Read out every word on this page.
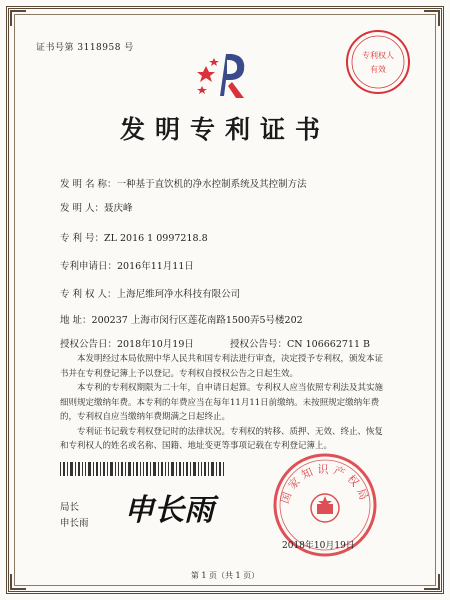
证书号第 3118958 号
专利权人
有效
发明专利证书
发 明 名 称：一种基于直饮机的净水控制系统及其控制方法
发 明 人：聂庆峰
专 利 号：ZL 2016 1 0997218.8
专利申请日：2016年11月11日
专 利 权 人：上海尼维珂净水科技有限公司
地 址：200237 上海市闵行区莲花南路1500弄5号楼202
授权公告日：2018年10月19日	授权公告号：CN 106662711 B

本发明经过本局依照中华人民共和国专利法进行审查，决定授予专利权，颁发本证书并在专利登记簿上予以登记。专利权自授权公告之日起生效。

本专利的专利权期限为二十年，自申请日起算。专利权人应当依照专利法及其实施细则规定缴纳年费。本专利的年费应当在每年11月11日前缴纳。未按照规定缴纳年费的，专利权自应当缴纳年费期满之日起终止。

专利证书记载专利权登记时的法律状况。专利权的转移、质押、无效、终止、恢复和专利权人的姓名或名称、国籍、地址变更等事项记载在专利登记簿上。

局长
申长雨 申长雨	国家知识产权局
2018年10月19日
第 1 页（共 1 页）
